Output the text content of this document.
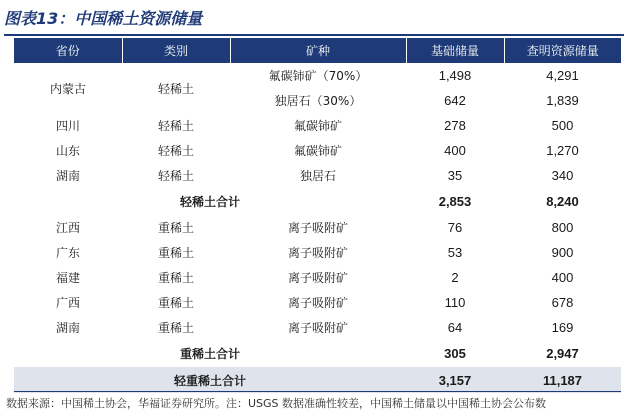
图表13：中国稀土资源储量
省份	类别	矿种	基础储量	查明资源储量
内蒙古	轻稀土	氟碳铈矿（70%）	1,498	4,291
		独居石（30%）	642	1,839
四川	轻稀土	氟碳铈矿	278	500
山东	轻稀土	氟碳铈矿	400	1,270
湖南	轻稀土	独居石	35	340
轻稀土合计			2,853	8,240
江西	重稀土	离子吸附矿	76	800
广东	重稀土	离子吸附矿	53	900
福建	重稀土	离子吸附矿	2	400
广西	重稀土	离子吸附矿	110	678
湖南	重稀土	离子吸附矿	64	169
重稀土合计			305	2,947
轻重稀土合计			3,157	11,187
数据来源：中国稀土协会，华福证券研究所。注：USGS 数据准确性较差，中国稀土储量以中国稀土协会公布数
